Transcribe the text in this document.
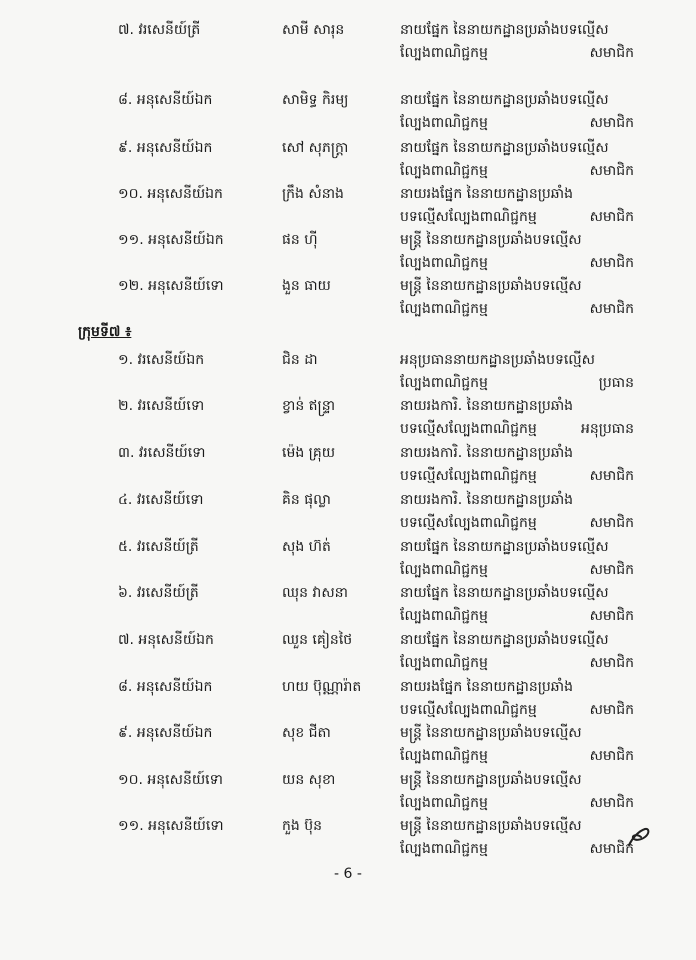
៧. វរសេនីយ៍ត្រី	សាមី សារុន	នាយផ្នែក នៃនាយកដ្ឋានប្រឆាំងបទល្មើស
ល្បែងពាណិជ្ជកម្ម	សមាជិក
៨. អនុសេនីយ៍ឯក	សាមិទ្ធ កិរម្យ	នាយផ្នែក នៃនាយកដ្ឋានប្រឆាំងបទល្មើស
ល្បែងពាណិជ្ជកម្ម	សមាជិក
៩. អនុសេនីយ៍ឯក	សៅ សុភក្ត្រា	នាយផ្នែក នៃនាយកដ្ឋានប្រឆាំងបទល្មើស
ល្បែងពាណិជ្ជកម្ម	សមាជិក
១០. អនុសេនីយ៍ឯក	ក្រឹង សំនាង	នាយរងផ្នែក នៃនាយកដ្ឋានប្រឆាំង
បទល្មើសល្បែងពាណិជ្ជកម្ម	សមាជិក
១១. អនុសេនីយ៍ឯក	ផន ហ៊ី	មន្ត្រី នៃនាយកដ្ឋានប្រឆាំងបទល្មើស
ល្បែងពាណិជ្ជកម្ម	សមាជិក
១២. អនុសេនីយ៍ទោ	ងួន ធាយ	មន្ត្រី នៃនាយកដ្ឋានប្រឆាំងបទល្មើស
ល្បែងពាណិជ្ជកម្ម	សមាជិក
ក្រុមទី៧ ៖
១. វរសេនីយ៍ឯក	ជិន ដា	អនុប្រធាននាយកដ្ឋានប្រឆាំងបទល្មើស
ល្បែងពាណិជ្ជកម្ម	ប្រធាន
២. វរសេនីយ៍ទោ	ខ្វាន់ ឥន្ទ្រា	នាយរងការិ. នៃនាយកដ្ឋានប្រឆាំង
បទល្មើសល្បែងពាណិជ្ជកម្ម	អនុប្រធាន
៣. វរសេនីយ៍ទោ	ម៉េង គ្រុយ	នាយរងការិ. នៃនាយកដ្ឋានប្រឆាំង
បទល្មើសល្បែងពាណិជ្ជកម្ម	សមាជិក
៤. វរសេនីយ៍ទោ	គិន ផុល្លា	នាយរងការិ. នៃនាយកដ្ឋានប្រឆាំង
បទល្មើសល្បែងពាណិជ្ជកម្ម	សមាជិក
៥. វរសេនីយ៍ត្រី	សុង ហ៊ត់	នាយផ្នែក នៃនាយកដ្ឋានប្រឆាំងបទល្មើស
ល្បែងពាណិជ្ជកម្ម	សមាជិក
៦. វរសេនីយ៍ត្រី	ឈុន វាសនា	នាយផ្នែក នៃនាយកដ្ឋានប្រឆាំងបទល្មើស
ល្បែងពាណិជ្ជកម្ម	សមាជិក
៧. អនុសេនីយ៍ឯក	ឈួន គៀនថៃ	នាយផ្នែក នៃនាយកដ្ឋានប្រឆាំងបទល្មើស
ល្បែងពាណិជ្ជកម្ម	សមាជិក
៨. អនុសេនីយ៍ឯក	ហយ ប៊ុណ្ណារ៉ាត	នាយរងផ្នែក នៃនាយកដ្ឋានប្រឆាំង
បទល្មើសល្បែងពាណិជ្ជកម្ម	សមាជិក
៩. អនុសេនីយ៍ឯក	សុខ ជីតា	មន្ត្រី នៃនាយកដ្ឋានប្រឆាំងបទល្មើស
ល្បែងពាណិជ្ជកម្ម	សមាជិក
១០. អនុសេនីយ៍ទោ	យន សុខា	មន្ត្រី នៃនាយកដ្ឋានប្រឆាំងបទល្មើស
ល្បែងពាណិជ្ជកម្ម	សមាជិក
១១. អនុសេនីយ៍ទោ	កួង ប៊ុន	មន្ត្រី នៃនាយកដ្ឋានប្រឆាំងបទល្មើស
ល្បែងពាណិជ្ជកម្ម	សមាជិក
- 6 -
